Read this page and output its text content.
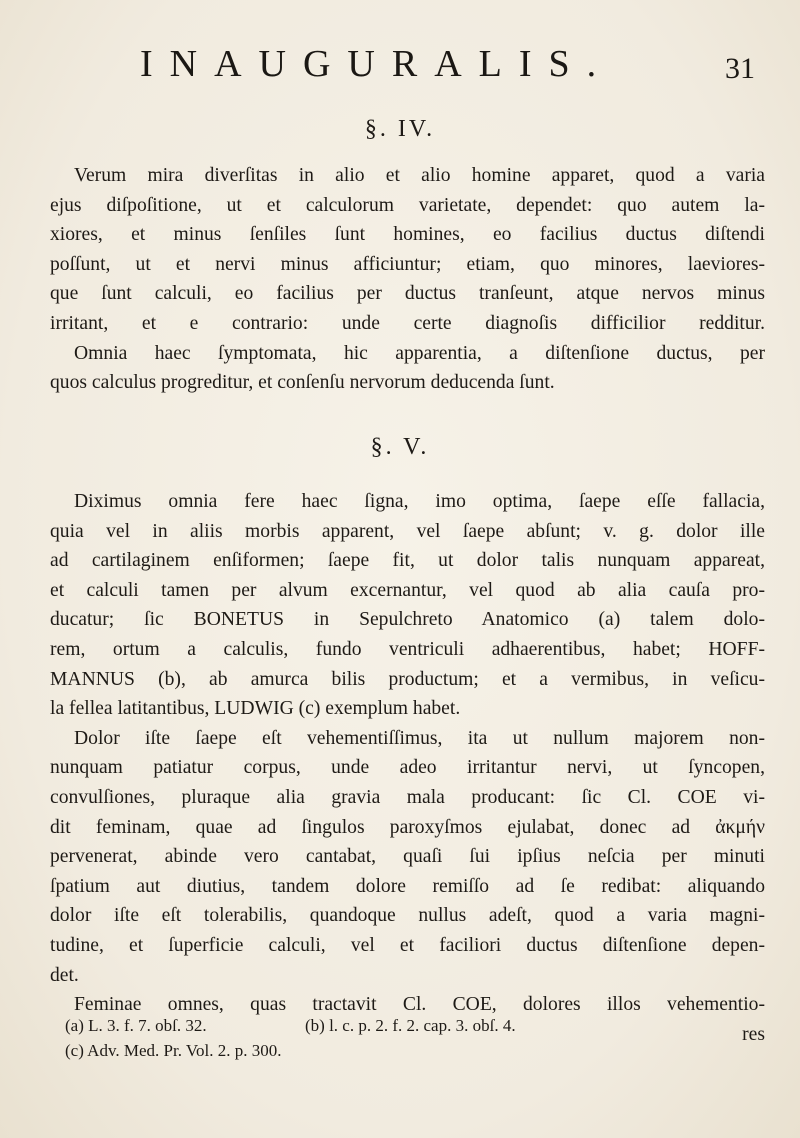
INAUGURALIS.	31
§. IV.
Verum mira diverſitas in alio et alio homine apparet, quod a varia
ejus diſpoſitione, ut et calculorum varietate, dependet: quo autem la-
xiores, et minus ſenſiles ſunt homines, eo facilius ductus diſtendi
poſſunt, ut et nervi minus afficiuntur; etiam, quo minores, laeviores-
que ſunt calculi, eo facilius per ductus tranſeunt, atque nervos minus
irritant, et e contrario: unde certe diagnoſis difficilior redditur.
Omnia haec ſymptomata, hic apparentia, a diſtenſione ductus, per
quos calculus progreditur, et conſenſu nervorum deducenda ſunt.
§. V.
Diximus omnia fere haec ſigna, imo optima, ſaepe eſſe fallacia,
quia vel in aliis morbis apparent, vel ſaepe abſunt; v. g. dolor ille
ad cartilaginem enſiformen; ſaepe fit, ut dolor talis nunquam appareat,
et calculi tamen per alvum excernantur, vel quod ab alia cauſa pro-
ducatur; ſic BONETUS in Sepulchreto Anatomico (a) talem dolo-
rem, ortum a calculis, fundo ventriculi adhaerentibus, habet; HOFF-
MANNUS (b), ab amurca bilis productum; et a vermibus, in veſicu-
la fellea latitantibus, LUDWIG (c) exemplum habet.
Dolor iſte ſaepe eſt vehementiſſimus, ita ut nullum majorem non-
nunquam patiatur corpus, unde adeo irritantur nervi, ut ſyncopen,
convulſiones, pluraque alia gravia mala producant: ſic Cl. COE vi-
dit feminam, quae ad ſingulos paroxyſmos ejulabat, donec ad ἀκμήν
pervenerat, abinde vero cantabat, quaſi ſui ipſius neſcia per minuti
ſpatium aut diutius, tandem dolore remiſſo ad ſe redibat: aliquando
dolor iſte eſt tolerabilis, quandoque nullus adeſt, quod a varia magni-
tudine, et ſuperficie calculi, vel et faciliori ductus diſtenſione depen-
det.
Feminae omnes, quas tractavit Cl. COE, dolores illos vehementio-
res
(a) L. 3. f. 7. obſ. 32.	(b) l. c. p. 2. f. 2. cap. 3. obſ. 4.
(c) Adv. Med. Pr. Vol. 2. p. 300.
